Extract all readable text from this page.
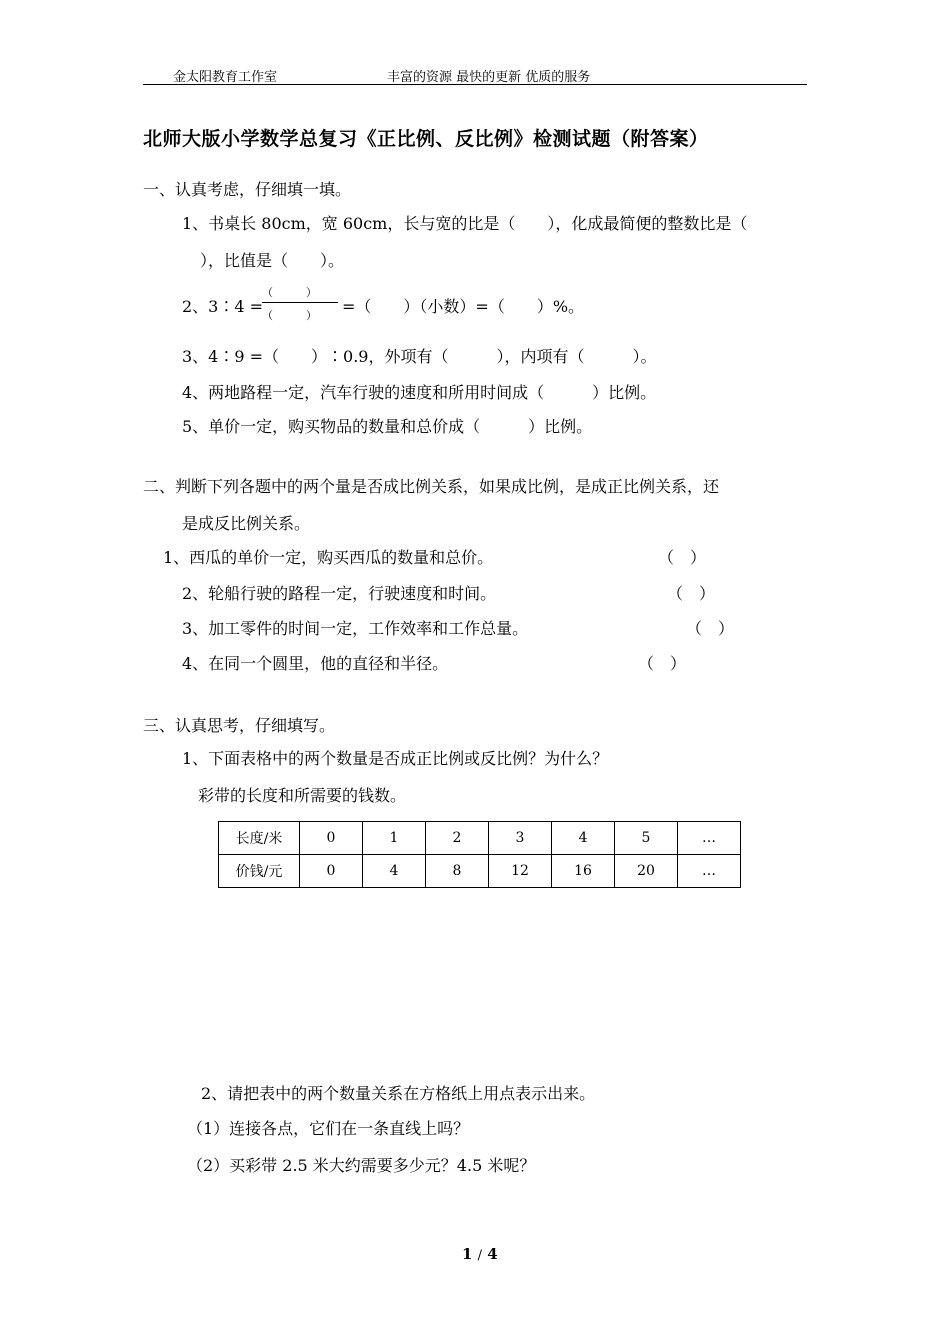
金太阳教育工作室	丰富的资源 最快的更新 优质的服务
北师大版小学数学总复习《正比例、反比例》检测试题（附答案）
一、认真考虑，仔细填一填。
1、书桌长 80cm，宽 60cm，长与宽的比是（　　），化成最简便的整数比是（
），比值是（　　）。
2、3∶4 =
（　　　）
（　　　） =（　　）（小数）=（　　）%。
3、4∶9 =（　　）∶0.9，外项有（　　　），内项有（　　　）。
4、两地路程一定，汽车行驶的速度和所用时间成（　　　）比例。
5、单价一定，购买物品的数量和总价成（　　　）比例。
二、判断下列各题中的两个量是否成比例关系，如果成比例，是成正比例关系，还
是成反比例关系。
1、西瓜的单价一定，购买西瓜的数量和总价。	（　）
2、轮船行驶的路程一定，行驶速度和时间。	（　）
3、加工零件的时间一定，工作效率和工作总量。	（　）
4、在同一个圆里，他的直径和半径。	（　）
三、认真思考，仔细填写。
1、下面表格中的两个数量是否成正比例或反比例？为什么？
彩带的长度和所需要的钱数。
长度/米	0	1	2	3	4	5	…
价钱/元	0	4	8	12	16	20	…
2、请把表中的两个数量关系在方格纸上用点表示出来。
（1）连接各点，它们在一条直线上吗？
（2）买彩带 2.5 米大约需要多少元？4.5 米呢？
1 / 4
